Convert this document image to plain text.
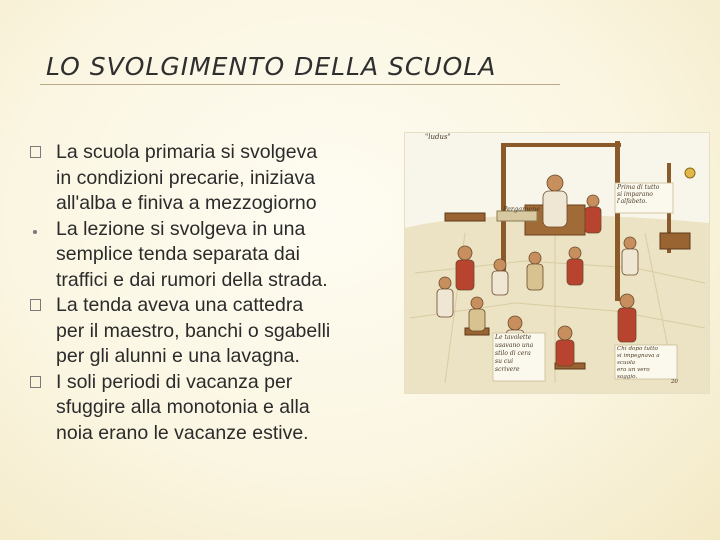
LO SVOLGIMENTO DELLA SCUOLA
La scuola primaria si svolgeva
in condizioni precarie, iniziava
all'alba e finiva a mezzogiorno
La lezione si svolgeva in una
semplice tenda separata dai
traffici e dai rumori della strada.
La tenda aveva una cattedra
per il maestro, banchi o sgabelli
per gli alunni e una lavagna.
I soli periodi di vacanza per
sfuggire alla monotonia e alla
noia erano le vacanze estive.
"ludus"
Pergamene
20
Prima di tutto
si imparano
l'alfabeto.
Le tavolette
usavano una
stilo di cera
su cui
scrivere
Chi dopo tutto
si impegnava a scuola
era un vero
saggio.
